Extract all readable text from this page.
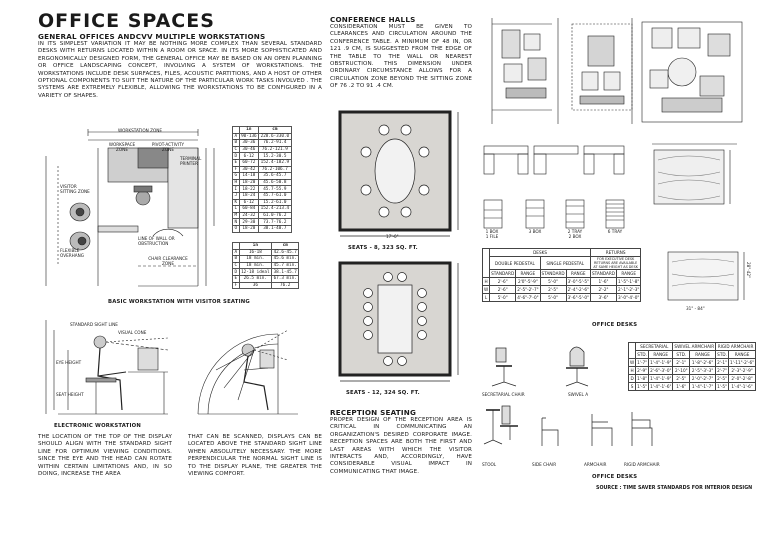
OFFICE SPACES
GENERAL OFFICES ANDCVV MULTIPLE WORKSTATIONS
IN ITS SIMPLEST VARIATION IT MAY BE NOTHING MORE COMPLEX THAN SEVERAL STANDARD DESKS WITH RETURNS LOCATED WITHIN A ROOM OR SPACE. IN ITS MORE SOPHISTICATED AND ERGONOMICALLY DESIGNED FORM, THE GENERAL OFFICE MAY BE BASED ON AN OPEN PLANNING OR OFFICE LANDSCAPING CONCEPT, INVOLVING A SYSTEM OF WORKSTATIONS. THE WORKSTATIONS INCLUDE DESK SURFACES, FILES, ACOUSTIC PARTITIONS, AND A HOST OF OTHER OPTIONAL COMPONENTS TO SUIT THE NATURE OF THE PARTICULAR WORK TASKS INVOLVED . THE SYSTEMS ARE EXTREMELY FLEXIBLE, ALLOWING THE WORKSTATIONS TO BE CONFIGURED IN A VARIETY OF SHAPES.
WORKSTATION ZONE
WORKSPACE ZONE
PIVOT-ACTIVITY ZONE
VISITOR SITTING ZONE
CHAIR CLEARANCE ZONE
LINE OF WALL OR OBSTRUCTION
TERMINAL PRINTER
FLEXIBLE OVERHANG
	in	cm
A	90-136	228.6-330.0
B	30-36	76.2-91.4
C	30-46	76.2-121.9
D	6-12	15.2-30.5
E	60-72	152.4-182.9
F	30-42	76.2-106.7
G	14-18	35.6-45.7
H	18-20	45.6-50.8
I	18-22	45.7-55.9
J	18-24	45.7-61.0
K	6-12	15.2-61.0
L	60-84	152.4-213.4
M	24-32	61.0-76.2
N	29-30	73.7-76.2
O	18-20	38.1-40.7
	in	cm
A	16-18	42.6-45.7
B	18 min.	45.6 min.
C	18 min.	45.7 min.
D	12-18 ideal	38.1-45.7
E	26.5 min.	67.3 min.
F	36	76.2
BASIC WORKSTATION WITH VISITOR SEATING
STANDARD SIGHT LINE
VISUAL CONE
EYE HEIGHT
SEAT HEIGHT
ELECTRONIC WORKSTATION
THE LOCATION OF THE TOP OF THE DISPLAY SHOULD ALIGN WITH THE STANDARD SIGHT LINE FOR OPTIMUM VIEWING CONDITIONS. SINCE THE EYE AND THE HEAD CAN ROTATE WITHIN CERTAIN LIMITATIONS AND, IN SO DOING, INCREASE THE AREA
THAT CAN BE SCANNED, DISPLAYS CAN BE LOCATED ABOVE THE STANDARD SIGHT LINE WHEN ABSOLUTELY NECESSARY. THE MORE PERPENDICULAR THE NORMAL SIGHT LINE IS TO THE DISPLAY PLANE, THE GREATER THE VIEWING COMFORT.
CONFERENCE HALLS
CONSIDERATION MUST BE GIVEN TO CLEARANCES AND CIRCULATION AROUND THE CONFERENCE TABLE. A MINIMUM OF 48 IN, OR 121 .9 CM, IS SUGGESTED FROM THE EDGE OF THE TABLE TO THE WALL OR NEAREST OBSTRUCTION. THIS DIMENSION UNDER ORDINARY CIRCUMSTANCE ALLOWS FOR A CIRCULATION ZONE BEYOND THE SITTING ZONE OF 76 .2 TO 91 .4 CM.
17'-0"
SEATS - 8, 323 SQ. FT.
SEATS - 12, 324 SQ. FT.
RECEPTION SEATING
PROPER DESIGN OF THE RECEPTION AREA IS CRITICAL IN COMMUNICATING AN ORGANIZATION'S DESIRED CORPORATE IMAGE. RECEPTION SPACES ARE BOTH THE FIRST AND LAST AREAS WITH WHICH THE VISITOR INTERACTS AND, ACCORDINGLY, HAVE CONSIDERABLE VISUAL IMPACT IN COMMUNICATING THAT IMAGE.
1 BOX
1 FILE
3 BOX	2 TRAY
2 BOX
6 TRAY
	DESKS				RETURNS	
	DOUBLE PEDESTAL		SINGLE PEDESTAL		FOR EXECUTIVE DESK RETURNS ARE AVAILABLE AT SAME HEIGHT AS DESK	
	STANDARD	RANGE	STANDARD	RANGE	STANDARD	RANGE
H	2'-6"	2'0"-5'-9"	5'-0"	3'-0"-5'-5"	1'-6"	1'-5"-1'-8"
W	2'-6"	2'-5"-2'-7"	2'-5"	2'-4"-2'-6"	2'-2"	2'-1"-2'-3"
L	5'-0"	4'-6"-7'-0"	5'-0"	3'-6"-5'-0"	3'-6"	3'-0"-4'-0"
31" - 84"
28"-42"
OFFICE DESKS
SECRETARIAL CHAIR	SWIVEL A
STOOL	SIDE CHAIR	ARMCHAIR	RIGID ARMCHAIR
	SECRETARIAL		SWIVEL ARMCHAIR		RIGID ARMCHAIR	
	STD.	RANGE	STD.	RANGE	STD.	RANGE
W	1'-7"	1'-4"-1'-9"	2'-1"	1'-8"-2'-6"	2'-1"	1'-11"-2'-6"
H	2'-9"	2'-6"-3'-0"	2'-10"	2'-5"-3'-3"	2'-7"	2'-3"-2'-9"
D	1'-8"	1'-4"-1'-9"	2'-5"	2'-0"-2'-7"	2'-5"	2'-0"-2'-8"
S	1'-5"	1'-4"-1'-6"	1'-6"	1'-4"-1'-7"	1'-5"	1'-4"-1'-6"
OFFICE DESKS
SOURCE : TIME SAVER STANDARDS FOR INTERIOR DESIGN
